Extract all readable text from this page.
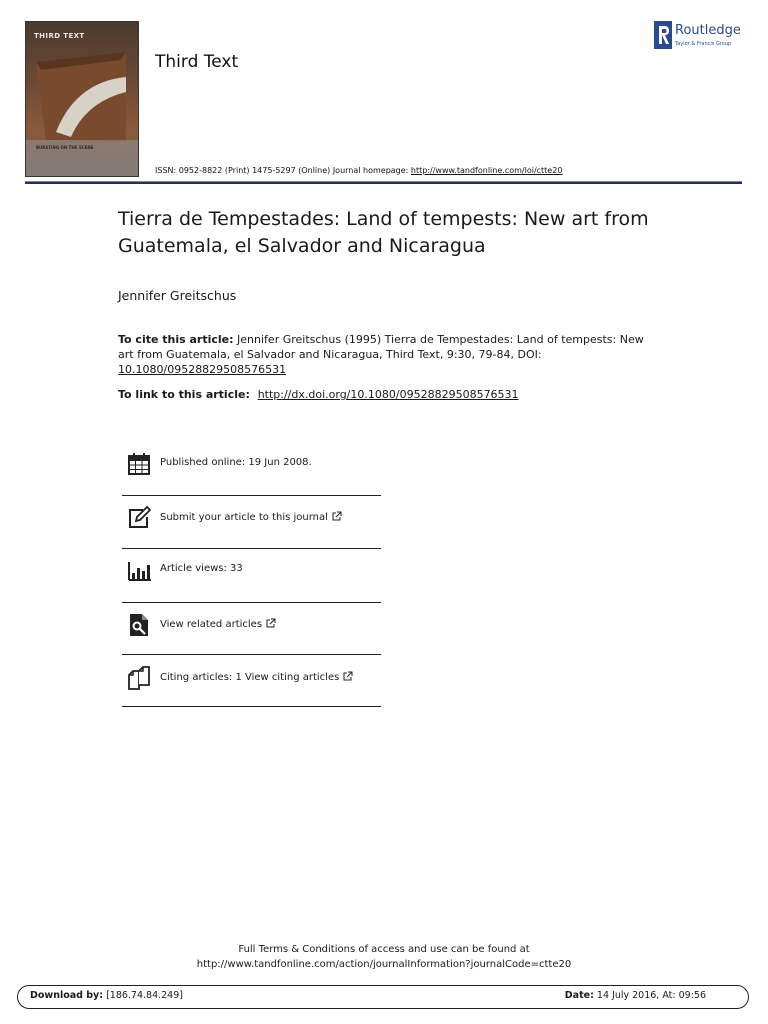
THIRD TEXT
BURSTING ON THE SCENE
Third Text
Routledge
Taylor & Francis Group
ISSN: 0952-8822 (Print) 1475-5297 (Online) Journal homepage: http://www.tandfonline.com/loi/ctte20
Tierra de Tempestades: Land of tempests: New art from Guatemala, el Salvador and Nicaragua
Jennifer Greitschus
To cite this article: Jennifer Greitschus (1995) Tierra de Tempestades: Land of tempests: New art from Guatemala, el Salvador and Nicaragua, Third Text, 9:30, 79-84, DOI: 10.1080/09528829508576531
To link to this article: http://dx.doi.org/10.1080/09528829508576531
Published online: 19 Jun 2008.
Submit your article to this journal
Article views: 33
View related articles
Citing articles: 1 View citing articles
Full Terms & Conditions of access and use can be found at
http://www.tandfonline.com/action/journalInformation?journalCode=ctte20
Download by: [186.74.84.249]	Date: 14 July 2016, At: 09:56
